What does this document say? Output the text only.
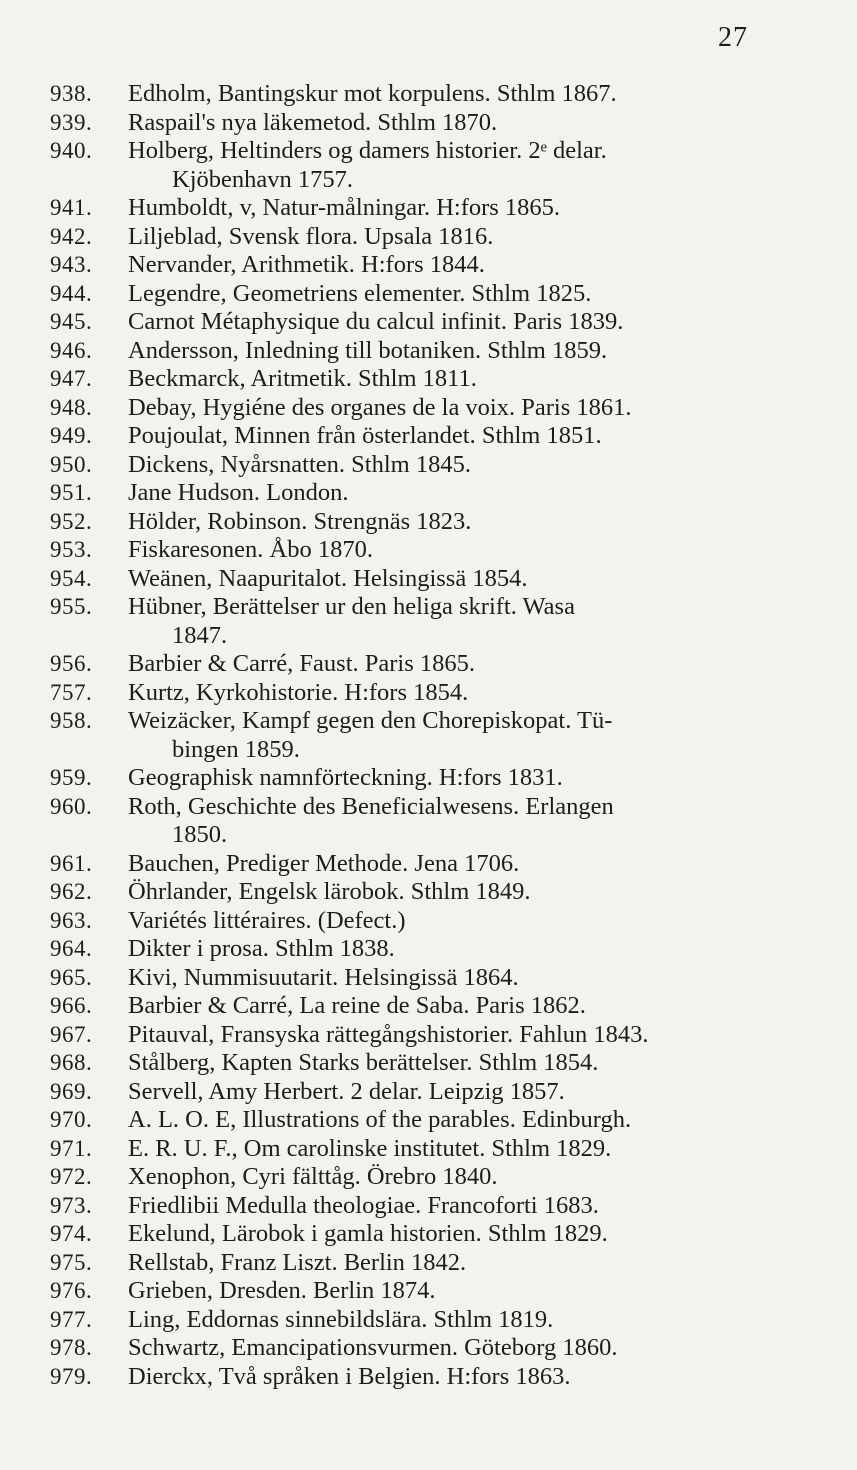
27
938.	Edholm, Bantingskur mot korpulens. Sthlm 1867.
939.	Raspail's nya läkemetod. Sthlm 1870.
940.	Holberg, Heltinders og damers historier. 2ᵉ delar.
Kjöbenhavn 1757.
941.	Humboldt, v, Natur-målningar. H:fors 1865.
942.	Liljeblad, Svensk flora. Upsala 1816.
943.	Nervander, Arithmetik. H:fors 1844.
944.	Legendre, Geometriens elementer. Sthlm 1825.
945.	Carnot Métaphysique du calcul infinit. Paris 1839.
946.	Andersson, Inledning till botaniken. Sthlm 1859.
947.	Beckmarck, Aritmetik. Sthlm 1811.
948.	Debay, Hygiéne des organes de la voix. Paris 1861.
949.	Poujoulat, Minnen från österlandet. Sthlm 1851.
950.	Dickens, Nyårsnatten. Sthlm 1845.
951.	Jane Hudson. London.
952.	Hölder, Robinson. Strengnäs 1823.
953.	Fiskaresonen. Åbo 1870.
954.	Weänen, Naapuritalot. Helsingissä 1854.
955.	Hübner, Berättelser ur den heliga skrift. Wasa
1847.
956.	Barbier & Carré, Faust. Paris 1865.
757.	Kurtz, Kyrkohistorie. H:fors 1854.
958.	Weizäcker, Kampf gegen den Chorepiskopat. Tü-
bingen 1859.
959.	Geographisk namnförteckning. H:fors 1831.
960.	Roth, Geschichte des Beneficialwesens. Erlangen
1850.
961.	Bauchen, Prediger Methode. Jena 1706.
962.	Öhrlander, Engelsk lärobok. Sthlm 1849.
963.	Variétés littéraires. (Defect.)
964.	Dikter i prosa. Sthlm 1838.
965.	Kivi, Nummisuutarit. Helsingissä 1864.
966.	Barbier & Carré, La reine de Saba. Paris 1862.
967.	Pitauval, Fransyska rättegångshistorier. Fahlun 1843.
968.	Stålberg, Kapten Starks berättelser. Sthlm 1854.
969.	Servell, Amy Herbert. 2 delar. Leipzig 1857.
970.	A. L. O. E, Illustrations of the parables. Edinburgh.
971.	E. R. U. F., Om carolinske institutet. Sthlm 1829.
972.	Xenophon, Cyri fälttåg. Örebro 1840.
973.	Friedlibii Medulla theologiae. Francoforti 1683.
974.	Ekelund, Lärobok i gamla historien. Sthlm 1829.
975.	Rellstab, Franz Liszt. Berlin 1842.
976.	Grieben, Dresden. Berlin 1874.
977.	Ling, Eddornas sinnebildslära. Sthlm 1819.
978.	Schwartz, Emancipationsvurmen. Göteborg 1860.
979.	Dierckx, Två språken i Belgien. H:fors 1863.
